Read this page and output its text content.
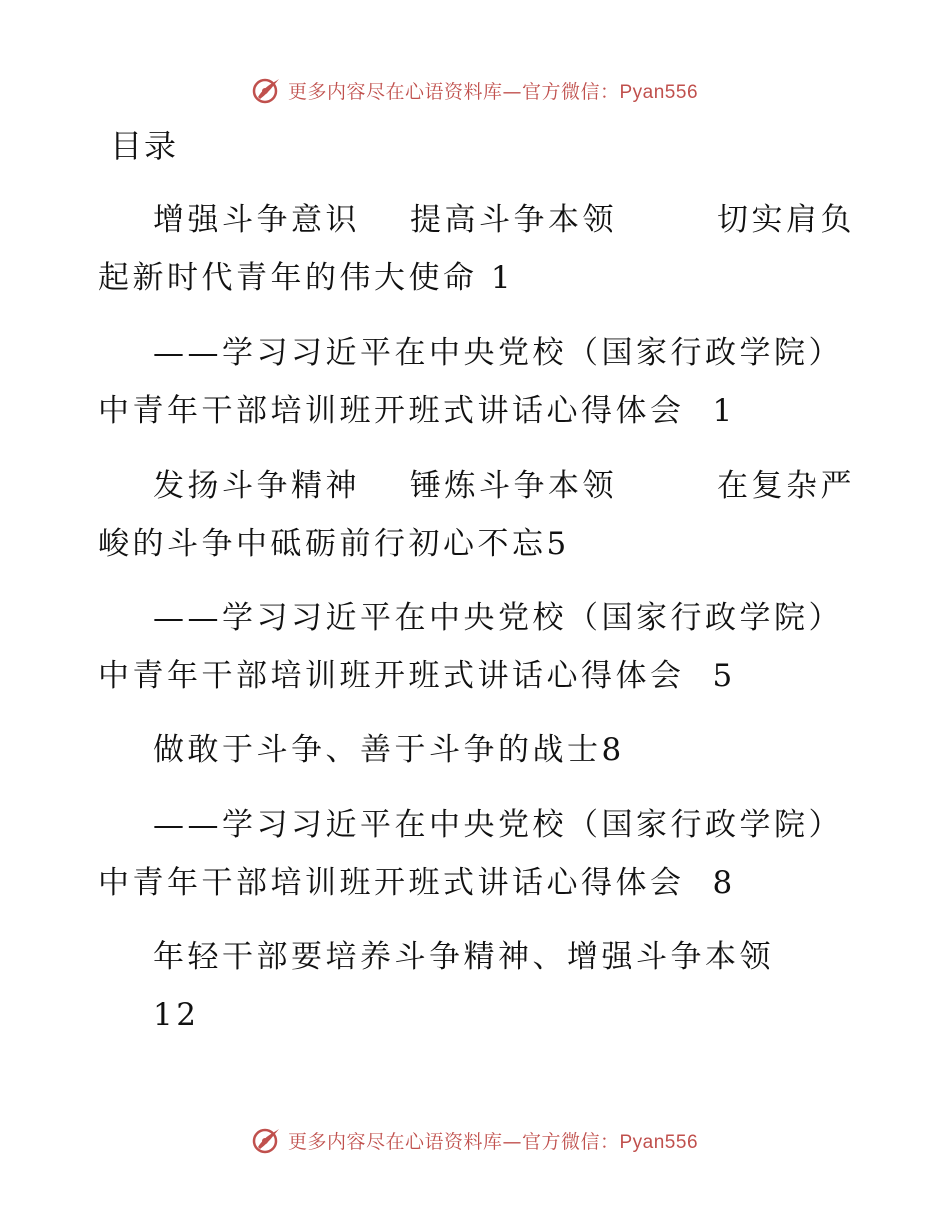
更多内容尽在心语资料库—官方微信：Pyan556
目录
增强斗争意识 提高斗争本领	切实肩负
起新时代青年的伟大使命 1
——学习习近平在中央党校（国家行政学院）
中青年干部培训班开班式讲话心得体会 1
发扬斗争精神 锤炼斗争本领	在复杂严
峻的斗争中砥砺前行初心不忘5
——学习习近平在中央党校（国家行政学院）
中青年干部培训班开班式讲话心得体会 5
做敢于斗争、善于斗争的战士8
——学习习近平在中央党校（国家行政学院）
中青年干部培训班开班式讲话心得体会 8
年轻干部要培养斗争精神、增强斗争本领
12
更多内容尽在心语资料库—官方微信：Pyan556
